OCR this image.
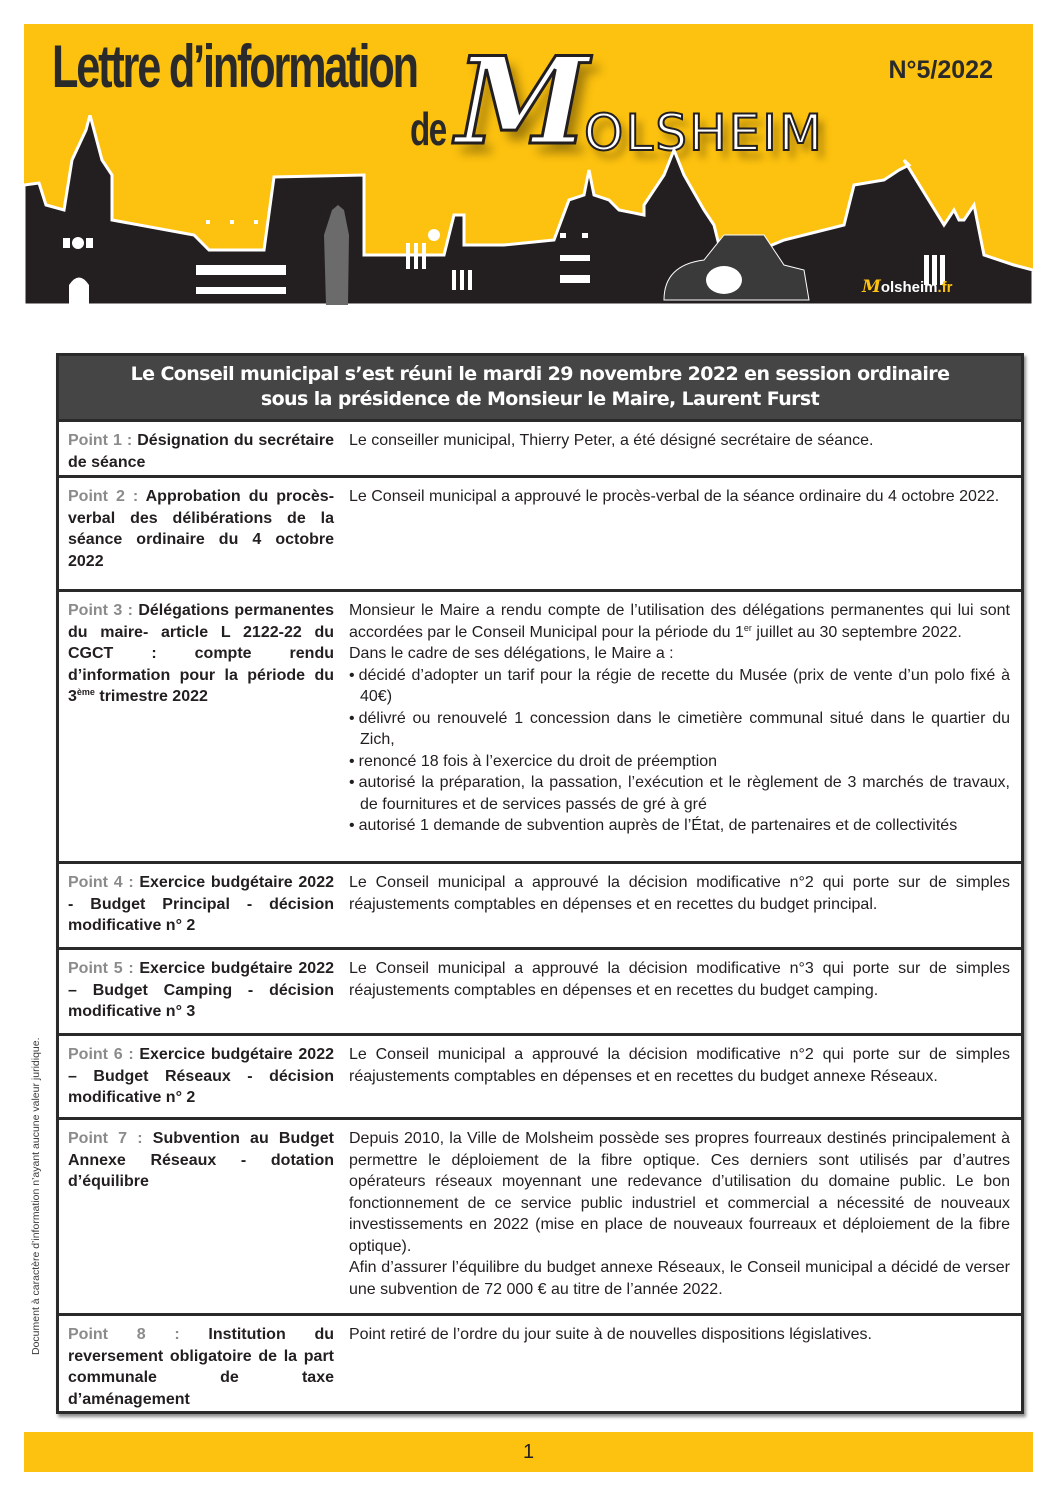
Lettre d’information
de M
OLSHEIM
N°5/2022
Molsheim.fr
Le Conseil municipal s’est réuni le mardi 29 novembre 2022 en session ordinaire
sous la présidence de Monsieur le Maire, Laurent Furst
Point 1 : Désignation du secrétaire de séance

Le conseiller municipal, Thierry Peter, a été désigné secrétaire de séance.

Point 2 : Approbation du procès-verbal des délibérations de la séance ordinaire du 4 octobre 2022

Le Conseil municipal a approuvé le procès-verbal de la séance ordinaire du 4 octobre 2022.

Point 3 : Délégations permanentes du maire- article L 2122-22 du CGCT : compte rendu d’information pour la période du 3ème trimestre 2022

Monsieur le Maire a rendu compte de l’utilisation des délégations permanentes qui lui sont accordées par le Conseil Municipal pour la période du 1er juillet au 30 septembre 2022.

Dans le cadre de ses délégations, le Maire a :

• décidé d’adopter un tarif pour la régie de recette du Musée (prix de vente d’un polo fixé à 40€)
• délivré ou renouvelé 1 concession dans le cimetière communal situé dans le quartier du Zich,
• renoncé 18 fois à l’exercice du droit de préemption
• autorisé la préparation, la passation, l’exécution et le règlement de 3 marchés de travaux, de fournitures et de services passés de gré à gré
• autorisé 1 demande de subvention auprès de l’État, de partenaires et de collectivités
Point 4 : Exercice budgétaire 2022 - Budget Principal - décision modificative n° 2

Le Conseil municipal a approuvé la décision modificative n°2 qui porte sur de simples réajustements comptables en dépenses et en recettes du budget principal.

Point 5 : Exercice budgétaire 2022 – Budget Camping - décision modificative n° 3

Le Conseil municipal a approuvé la décision modificative n°3 qui porte sur de simples réajustements comptables en dépenses et en recettes du budget camping.

Point 6 : Exercice budgétaire 2022 – Budget Réseaux - décision modificative n° 2

Le Conseil municipal a approuvé la décision modificative n°2 qui porte sur de simples réajustements comptables en dépenses et en recettes du budget annexe Réseaux.

Point 7 : Subvention au Budget Annexe Réseaux - dotation d’équilibre

Depuis 2010, la Ville de Molsheim possède ses propres fourreaux destinés principalement à permettre le déploiement de la fibre optique. Ces derniers sont utilisés par d’autres opérateurs réseaux moyennant une redevance d’utilisation du domaine public. Le bon fonctionnement de ce service public industriel et commercial a nécessité de nouveaux investissements en 2022 (mise en place de nouveaux fourreaux et déploiement de la fibre optique).

Afin d’assurer l’équilibre du budget annexe Réseaux, le Conseil municipal a décidé de verser une subvention de 72 000 € au titre de l’année 2022.

Point 8 : Institution du reversement obligatoire de la part communale de taxe d’aménagement

Point retiré de l’ordre du jour suite à de nouvelles dispositions législatives.

Document à caractère d’information n’ayant aucune valeur juridique.
1
